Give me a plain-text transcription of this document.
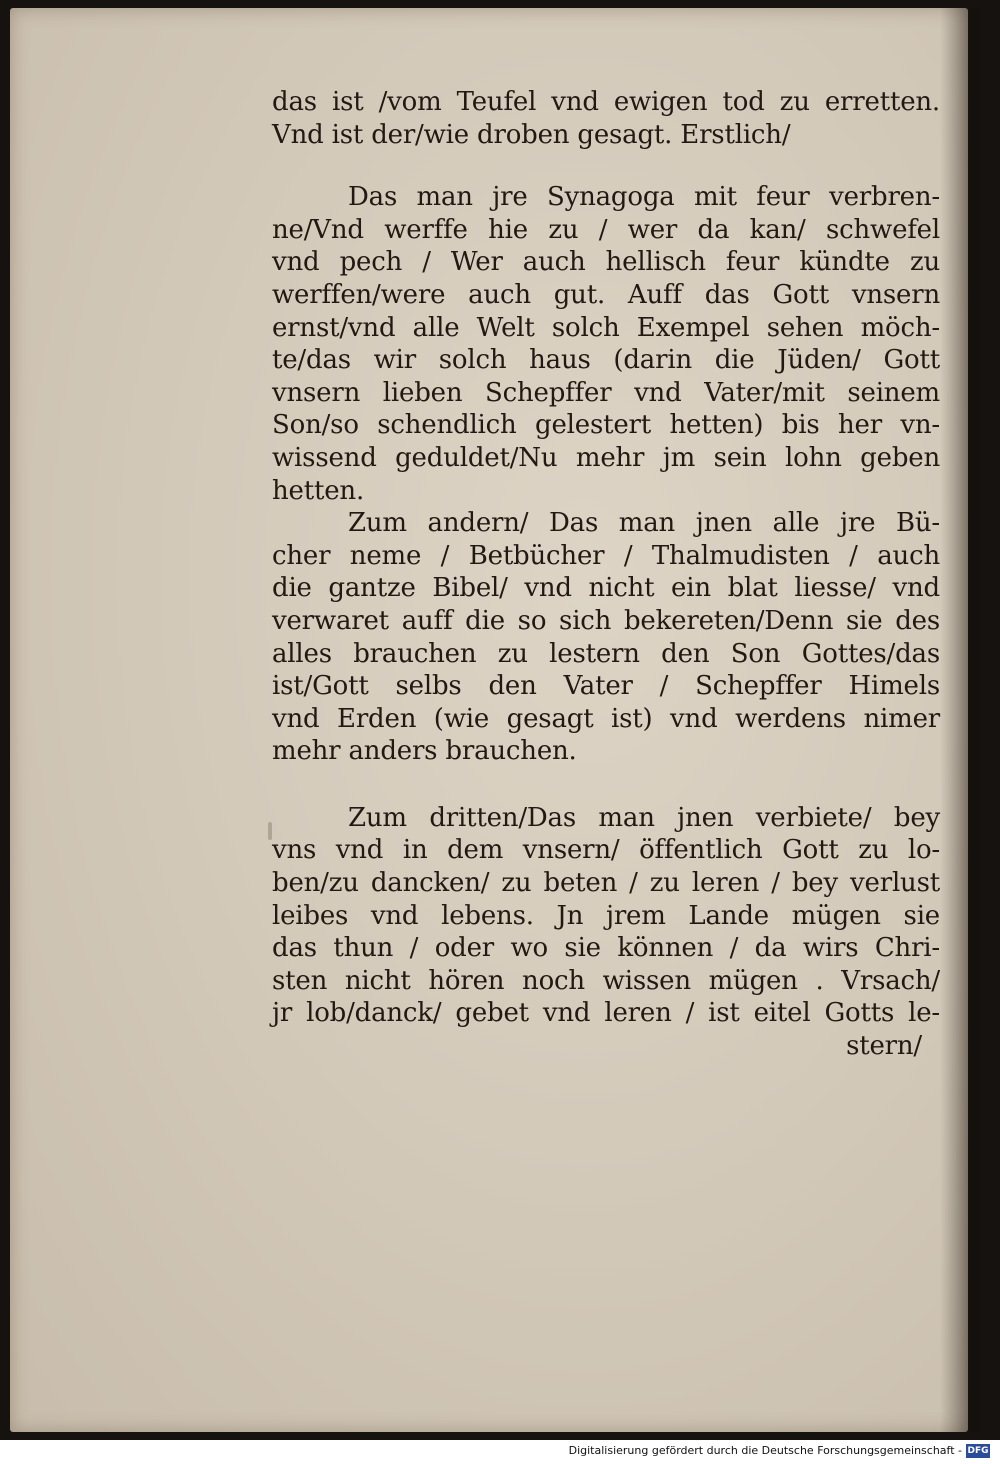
das ist /vom Teufel vnd ewigen tod zu erretten.
Vnd ist der/wie droben gesagt. Erstlich/
Das man jre Synagoga mit feur verbren-
ne/Vnd werffe hie zu / wer da kan/ schwefel
vnd pech / Wer auch hellisch feur kündte zu
werffen/were auch gut. Auff das Gott vnsern
ernst/vnd alle Welt solch Exempel sehen möch-
te/das wir solch haus (darin die Jüden/ Gott
vnsern lieben Schepffer vnd Vater/mit seinem
Son/so schendlich gelestert hetten) bis her vn-
wissend geduldet/Nu mehr jm sein lohn geben
hetten.
Zum andern/ Das man jnen alle jre Bü-
cher neme / Betbücher / Thalmudisten / auch
die gantze Bibel/ vnd nicht ein blat liesse/ vnd
verwaret auff die so sich bekereten/Denn sie des
alles brauchen zu lestern den Son Gottes/das
ist/Gott selbs den Vater / Schepffer Himels
vnd Erden (wie gesagt ist) vnd werdens nimer
mehr anders brauchen.
Zum dritten/Das man jnen verbiete/ bey
vns vnd in dem vnsern/ öffentlich Gott zu lo-
ben/zu dancken/ zu beten / zu leren / bey verlust
leibes vnd lebens. Jn jrem Lande mügen sie
das thun / oder wo sie können / da wirs Chri-
sten nicht hören noch wissen mügen . Vrsach/
jr lob/danck/ gebet vnd leren / ist eitel Gotts le-
stern/
Digitalisierung gefördert durch die Deutsche Forschungsgemeinschaft - DFG
